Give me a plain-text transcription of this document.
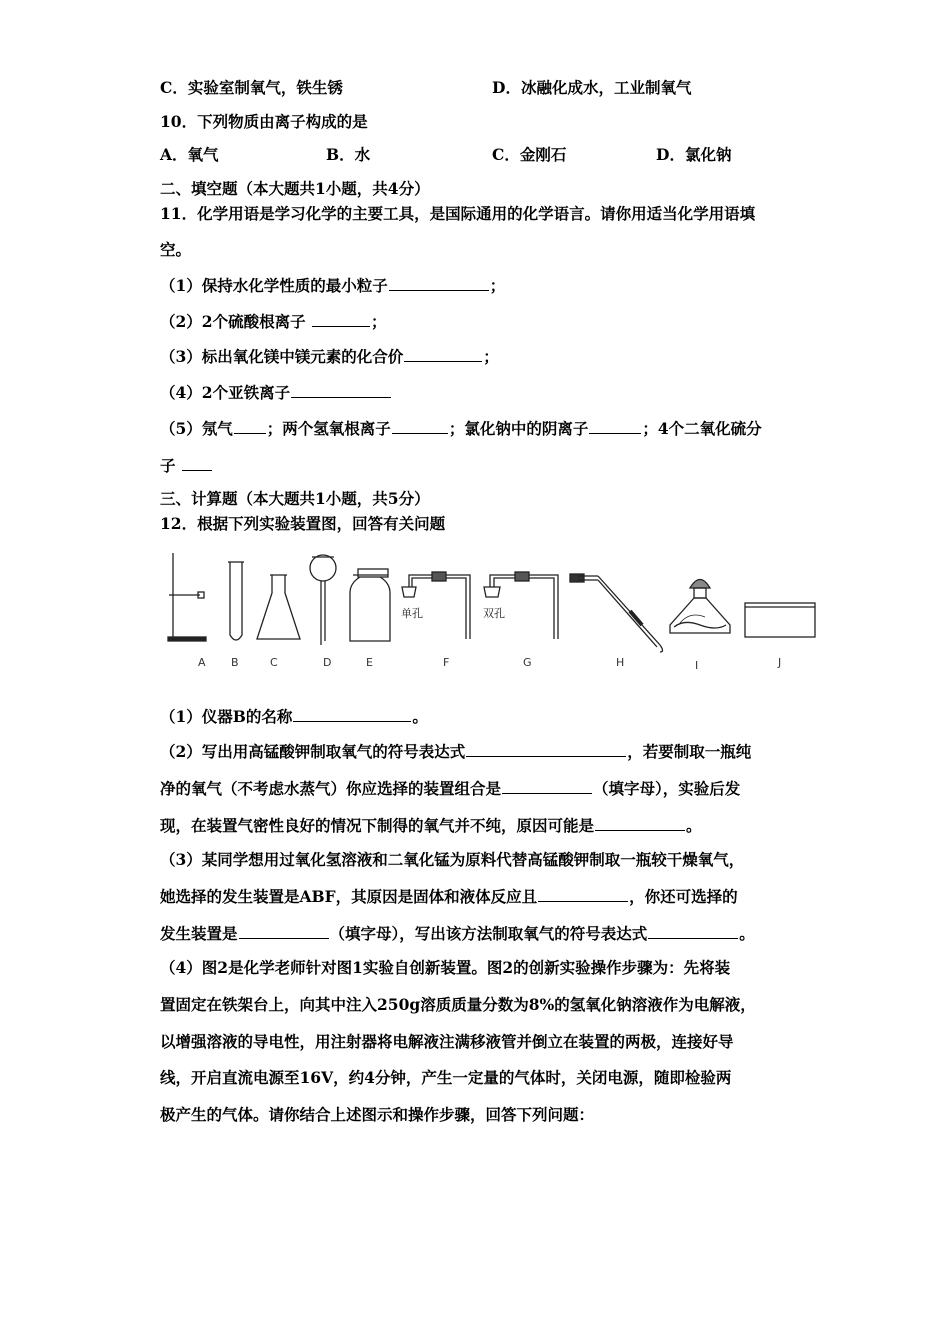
C．实验室制氧气，铁生锈	D．冰融化成水，工业制氧气
10．下列物质由离子构成的是
A．氧气	B．水	C．金刚石	D．氯化钠
二、填空题（本大题共1小题，共4分）
11．化学用语是学习化学的主要工具，是国际通用的化学语言。请你用适当化学用语填
空。
（1）保持水化学性质的最小粒子	；
（2）2个硫酸根离子	；
（3）标出氧化镁中镁元素的化合价	；
（4）2个亚铁离子
（5）氖气 ；两个氢氧根离子	；氯化钠中的阴离子	；4个二氧化硫分
子
三、计算题（本大题共1小题，共5分）
12．根据下列实验装置图，回答有关问题
单孔	双孔
A B	C	D	E	F	G	H	I	J
（1）仪器B的名称	。
（2）写出用高锰酸钾制取氧气的符号表达式	，若要制取一瓶纯
净的氧气（不考虑水蒸气）你应选择的装置组合是	（填字母），实验后发
现，在装置气密性良好的情况下制得的氧气并不纯，原因可能是	。
（3）某同学想用过氧化氢溶液和二氧化锰为原料代替高锰酸钾制取一瓶较干燥氧气，
她选择的发生装置是ABF，其原因是固体和液体反应且	，你还可选择的
发生装置是	（填字母），写出该方法制取氧气的符号表达式	。
（4）图2是化学老师针对图1实验自创新装置。图2的创新实验操作步骤为：先将装
置固定在铁架台上，向其中注入250g溶质质量分数为8%的氢氧化钠溶液作为电解液，
以增强溶液的导电性，用注射器将电解液注满移液管并倒立在装置的两极，连接好导
线，开启直流电源至16V，约4分钟，产生一定量的气体时，关闭电源，随即检验两
极产生的气体。请你结合上述图示和操作步骤，回答下列问题：
